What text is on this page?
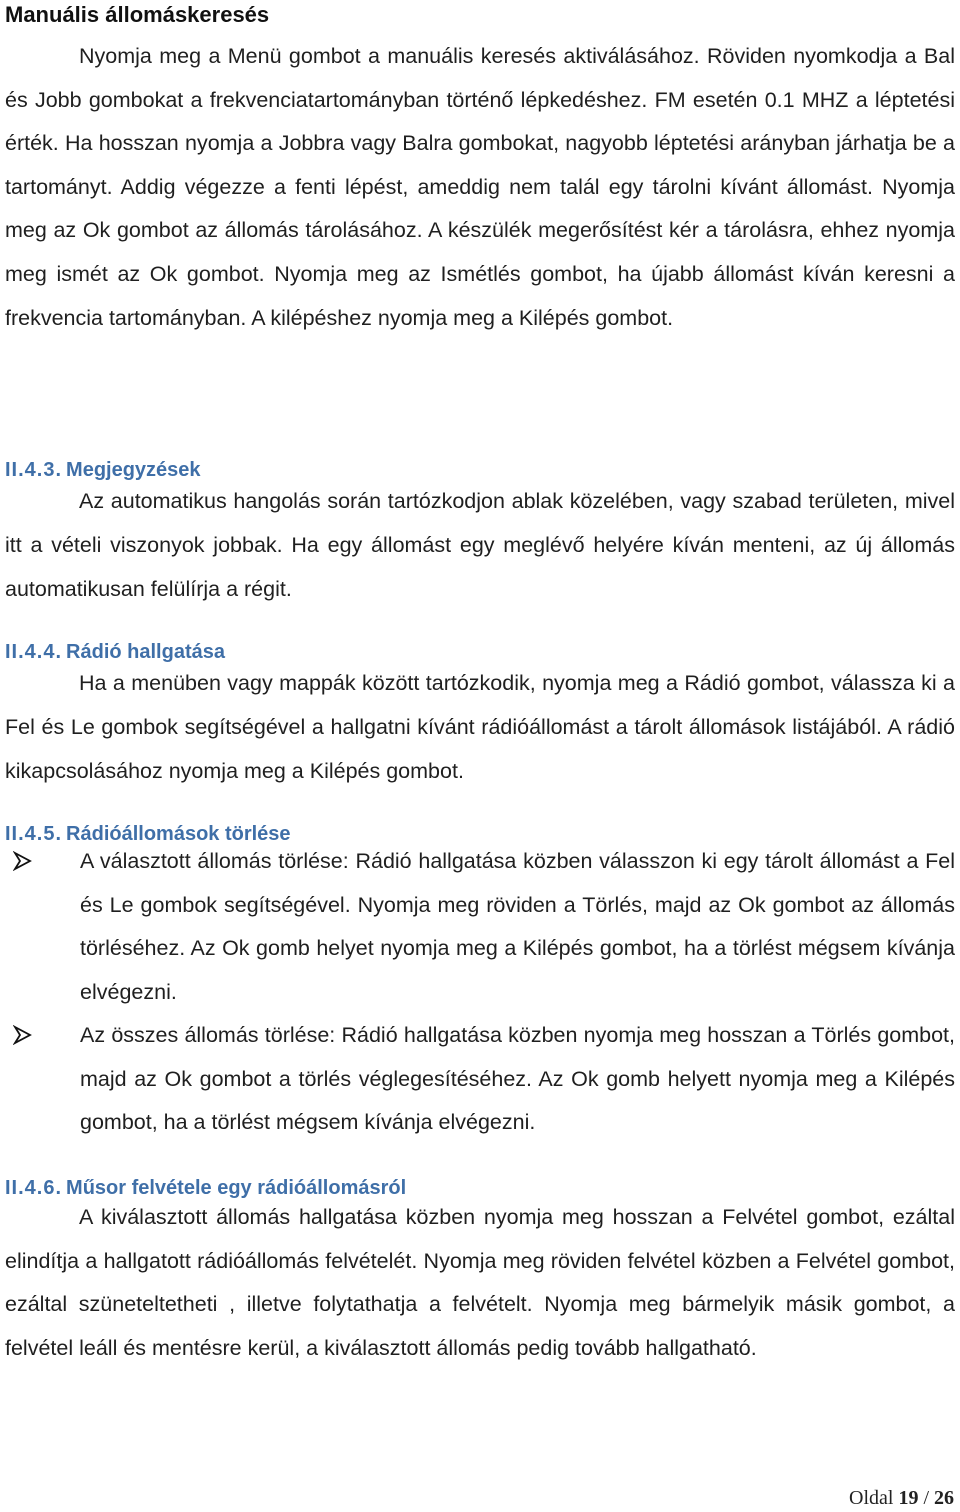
Manuális állomáskeresés

Nyomja meg a Menü gombot a manuális keresés aktiválásához. Röviden nyomkodja a Bal és Jobb gombokat a frekvenciatartományban történő lépkedéshez. FM esetén 0.1 MHZ a léptetési érték. Ha hosszan nyomja a Jobbra vagy Balra gombokat, nagyobb léptetési arányban járhatja be a tartományt. Addig végezze a fenti lépést, ameddig nem talál egy tárolni kívánt állomást. Nyomja meg az Ok gombot az állomás tárolásához. A készülék megerősítést kér a tárolásra, ehhez nyomja meg ismét az Ok gombot. Nyomja meg az Ismétlés gombot, ha újabb állomást kíván keresni a frekvencia tartományban. A kilépéshez nyomja meg a Kilépés gombot.

II.4.3. Megjegyzések

Az automatikus hangolás során tartózkodjon ablak közelében, vagy szabad területen, mivel itt a vételi viszonyok jobbak. Ha egy állomást egy meglévő helyére kíván menteni, az új állomás automatikusan felülírja a régit.

II.4.4. Rádió hallgatása

Ha a menüben vagy mappák között tartózkodik, nyomja meg a Rádió gombot, válassza ki a Fel és Le gombok segítségével a hallgatni kívánt rádióállomást a tárolt állomások listájából. A rádió kikapcsolásához nyomja meg a Kilépés gombot.

II.4.5. Rádióállomások törlése
A választott állomás törlése: Rádió hallgatása közben válasszon ki egy tárolt állomást a Fel és Le gombok segítségével. Nyomja meg röviden a Törlés, majd az Ok gombot az állomás törléséhez. Az Ok gomb helyet nyomja meg a Kilépés gombot, ha a törlést mégsem kívánja elvégezni.
Az összes állomás törlése: Rádió hallgatása közben nyomja meg hosszan a Törlés gombot, majd az Ok gombot a törlés véglegesítéséhez. Az Ok gomb helyett nyomja meg a Kilépés gombot, ha a törlést mégsem kívánja elvégezni.
II.4.6. Műsor felvétele egy rádióállomásról

A kiválasztott állomás hallgatása közben nyomja meg hosszan a Felvétel gombot, ezáltal elindítja a hallgatott rádióállomás felvételét. Nyomja meg röviden felvétel közben a Felvétel gombot, ezáltal szüneteltetheti , illetve folytathatja a felvételt. Nyomja meg bármelyik másik gombot, a felvétel leáll és mentésre kerül, a kiválasztott állomás pedig tovább hallgatható.

Oldal 19 / 26
